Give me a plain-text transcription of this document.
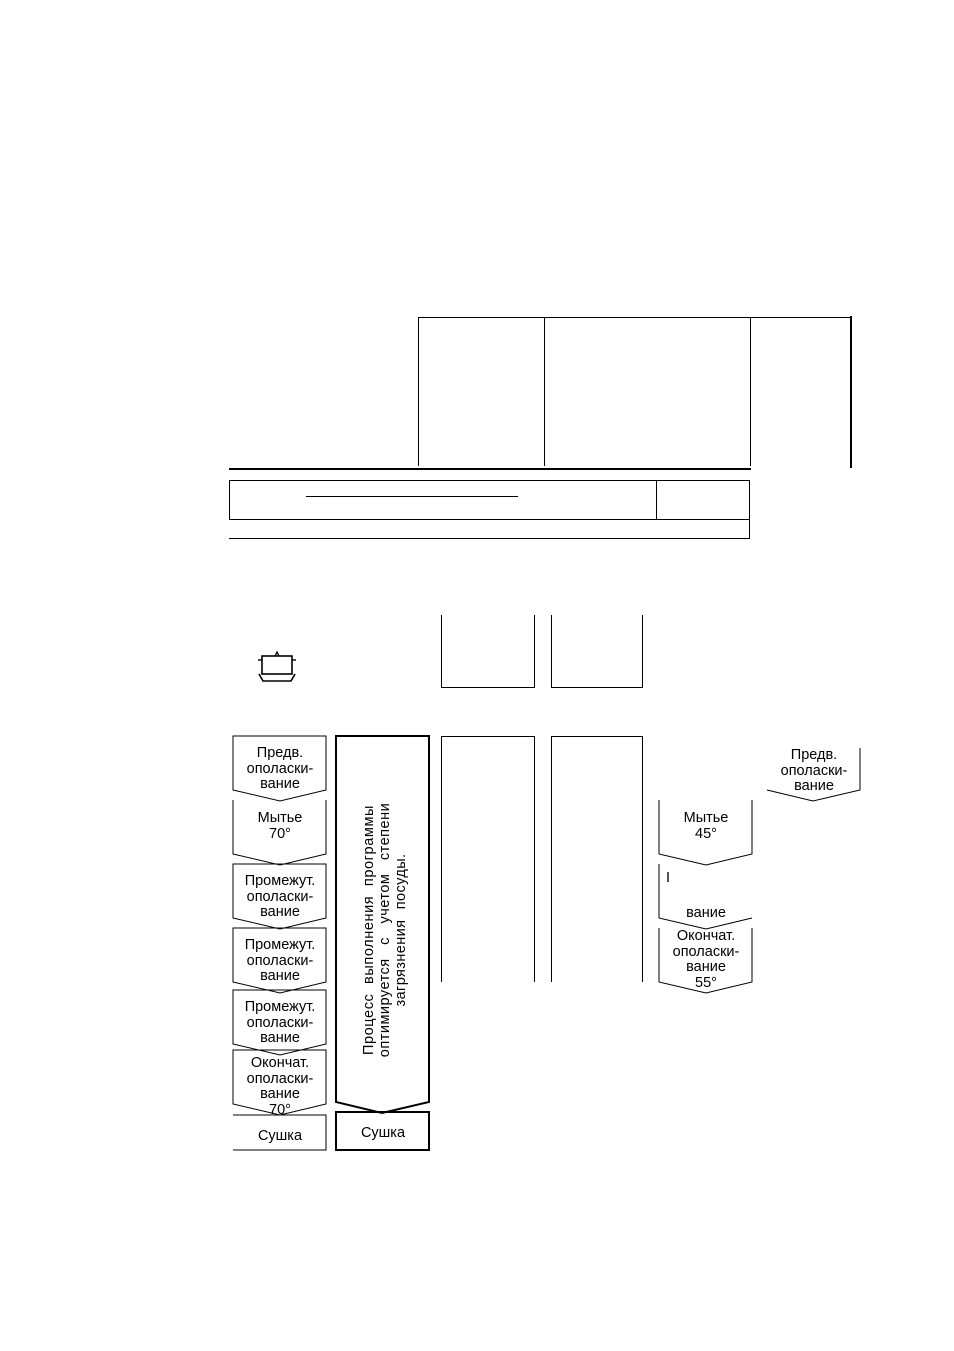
Предв.
ополаски-
вание
Мытье
70°
Промежут.
ополаски-
вание
Промежут.
ополаски-
вание
Промежут.
ополаски-
вание
Окончат.
ополаски-
вание
70°
Сушка
Процесс выполнения программы оптимируется с учетом степени загрязнения посуды.
Сушка
Мытье
45°
I
вание
Окончат.
ополаски-
вание
55°
Предв.
ополаски-
вание
